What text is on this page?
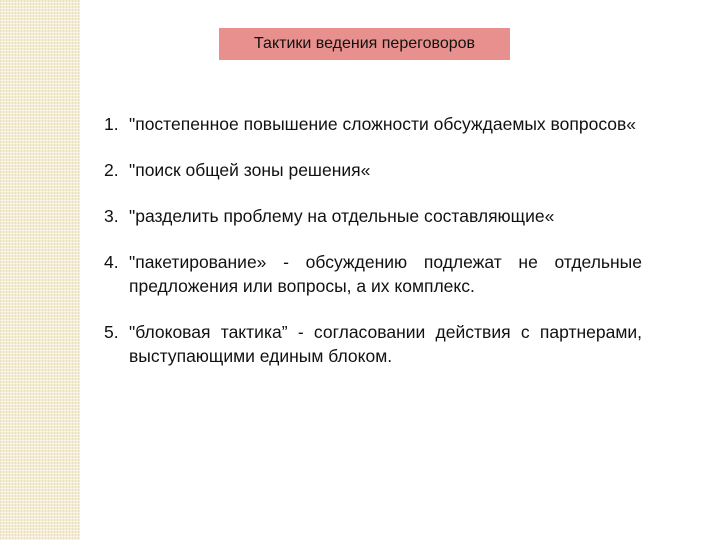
Тактики ведения переговоров
1. "постепенное повышение сложности обсуждаемых вопросов«
2. "поиск общей зоны решения«
3. "разделить проблему на отдельные составляющие«
4. "пакетирование» - обсуждению подлежат не отдельные предложения или вопросы, а их комплекс.
5. "блоковая тактика” - согласовании действия с партнерами, выступающими единым блоком.
